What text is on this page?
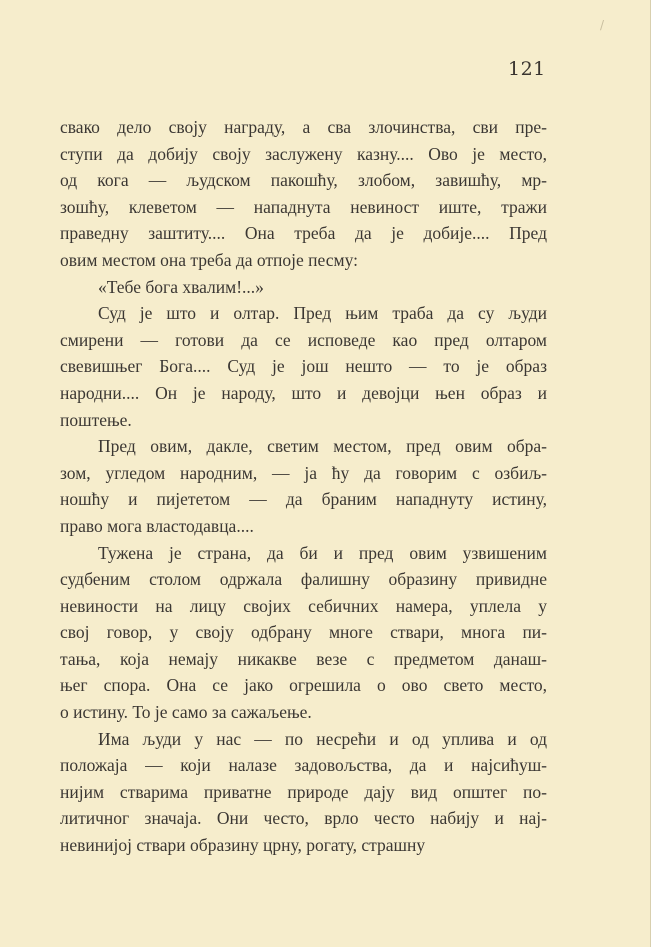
/
121
свако дело своју награду, а сва злочинства, сви пре-
ступи да добију своју заслужену казну.... Ово је место,
од кога — људском пакошћу, злобом, завишћу, мр-
зошћу, клеветом — нападнута невиност иште, тражи
праведну заштиту.... Она треба да је добије.... Пред
овим местом она треба да отпоје песму:
«Тебе бога хвалим!...»
Суд је што и олтар. Пред њим траба да су људи
смирени — готови да се исповеде као пред олтаром
свевишњег Бога.... Суд је још нешто — то је образ
народни.... Он је народу, што и девојци њен образ и
поштење.
Пред овим, дакле, светим местом, пред овим обра-
зом, угледом народним, — ја ћу да говорим с озбиљ-
ношћу и пијететом — да браним нападнуту истину,
право мога властодавца....
Тужена је страна, да би и пред овим узвишеним
судбеним столом одржала фалишну образину привидне
невиности на лицу својих себичних намера, уплела у
свој говор, у своју одбрану многе ствари, многа пи-
тања, која немају никакве везе с предметом данаш-
њег спора. Она се јако огрешила о ово свето место,
о истину. То је само за сажаљење.
Има људи у нас — по несрећи и од уплива и од
положаја — који налазе задовољства, да и најсићуш-
нијим стварима приватне природе дају вид општег по-
литичног значаја. Они често, врло често набију и нај-
невинијој ствари образину црну, рогату, страшну
